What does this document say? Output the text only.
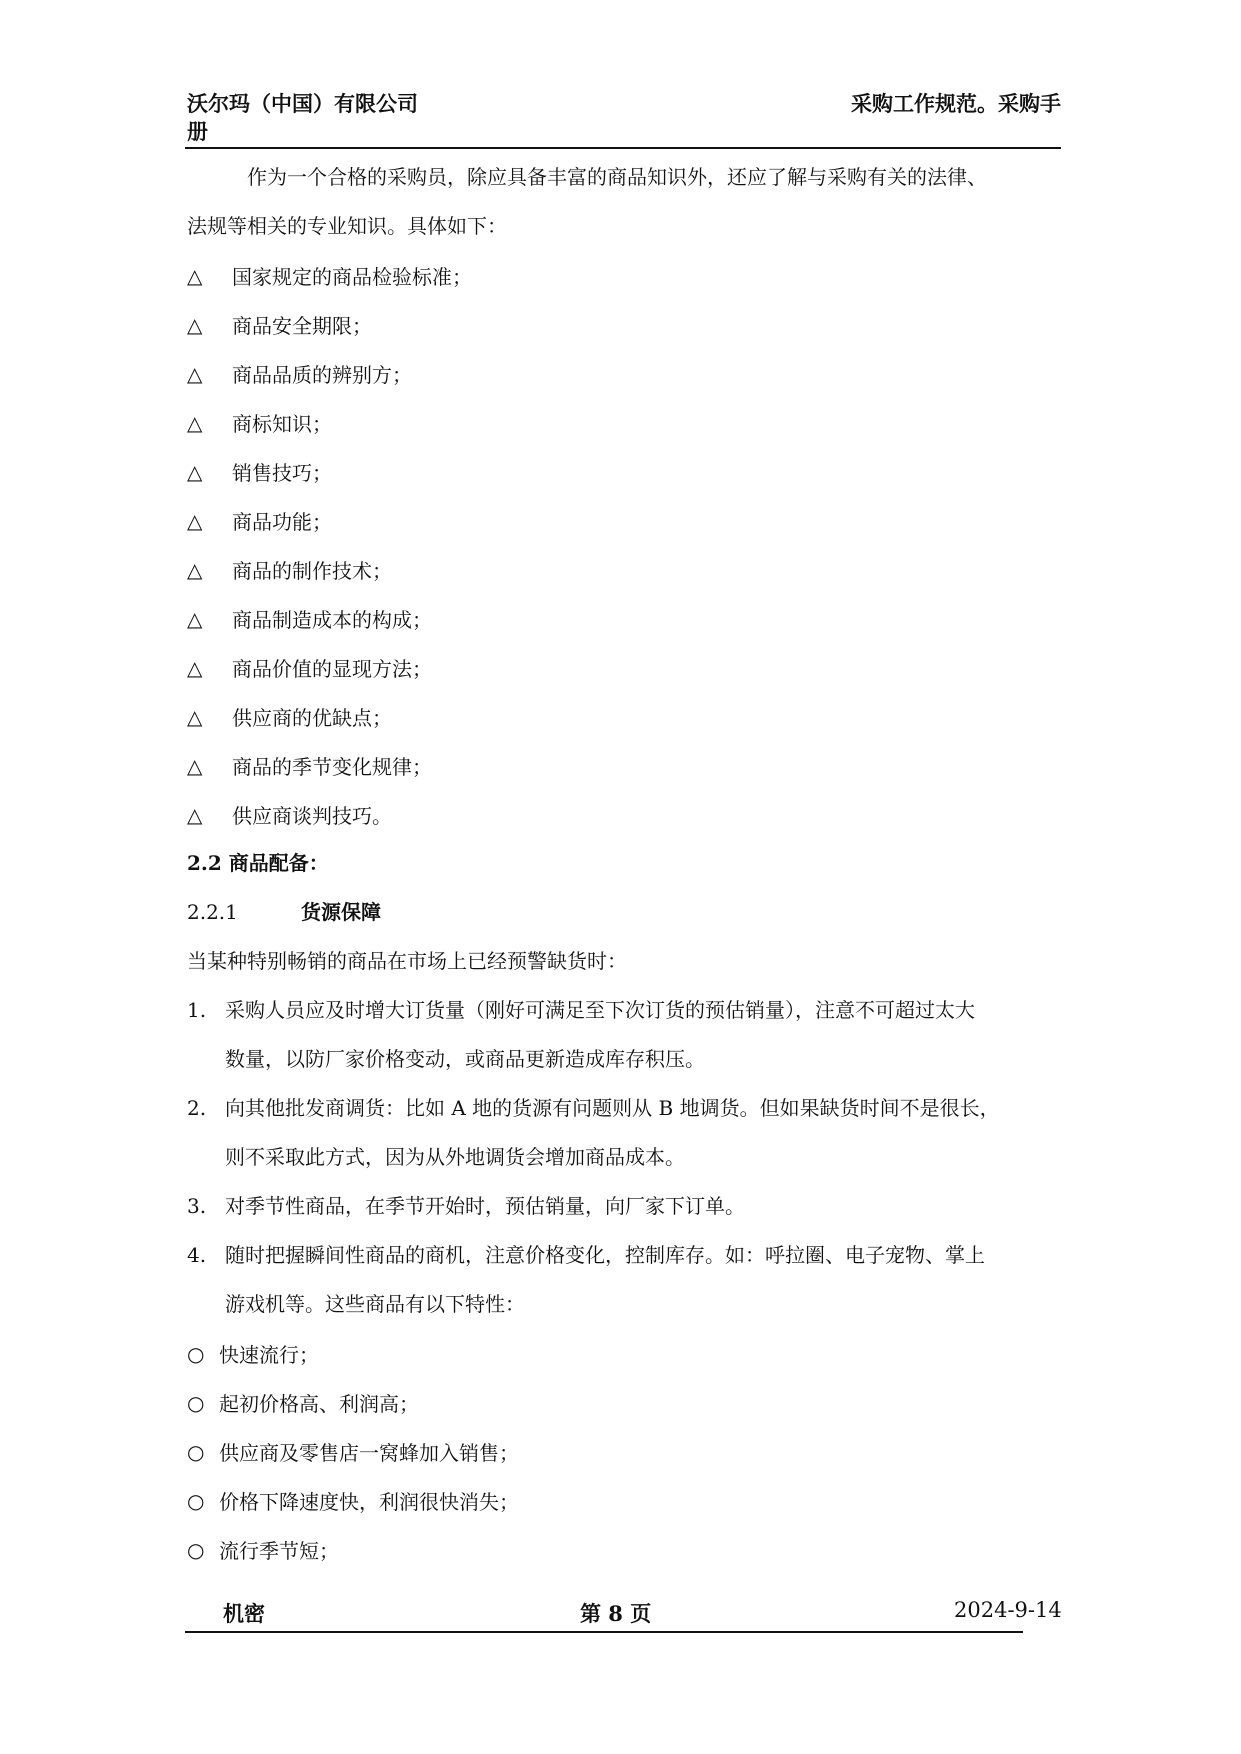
沃尔玛（中国）有限公司
册
采购工作规范。采购手

作为一个合格的采购员，除应具备丰富的商品知识外，还应了解与采购有关的法律、

法规等相关的专业知识。具体如下：

△	国家规定的商品检验标准；
△	商品安全期限；
△	商品品质的辨别方；
△	商标知识；
△	销售技巧；
△	商品功能；
△	商品的制作技术；
△	商品制造成本的构成；
△	商品价值的显现方法；
△	供应商的优缺点；
△	商品的季节变化规律；
△	供应商谈判技巧。
2.2 商品配备：
2.2.1	货源保障

当某种特别畅销的商品在市场上已经预警缺货时：

1. 采购人员应及时增大订货量（刚好可满足至下次订货的预估销量），注意不可超过太大
数量，以防厂家价格变动，或商品更新造成库存积压。
2. 向其他批发商调货：比如 A 地的货源有问题则从 B 地调货。但如果缺货时间不是很长，
则不采取此方式，因为从外地调货会增加商品成本。
3. 对季节性商品，在季节开始时，预估销量，向厂家下订单。
4. 随时把握瞬间性商品的商机，注意价格变化，控制库存。如：呼拉圈、电子宠物、掌上
游戏机等。这些商品有以下特性：
○ 快速流行；
○ 起初价格高、利润高；
○ 供应商及零售店一窝蜂加入销售；
○ 价格下降速度快，利润很快消失；
○ 流行季节短；
机密	第 8 页	2024-9-14
